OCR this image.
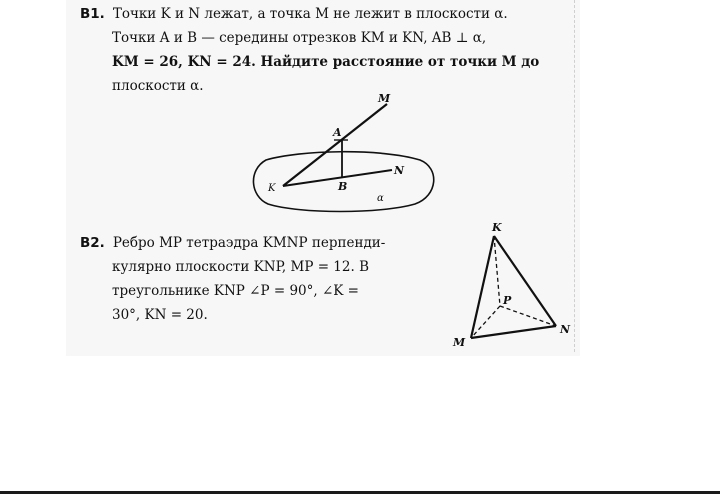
B1. Точки K и N лежат, а точка M не лежит в плоскости α.
Точки A и B — середины отрезков KM и KN, AB ⊥ α,
KM = 26, KN = 24. Найдите расстояние от точки M до
плоскости α.
B2. Ребро MP тетраэдра KMNP перпенди-
кулярно плоскости KNP, MP = 12. В
треугольнике KNP ∠P = 90°, ∠K =
30°, KN = 20.
M
A
K	B
N
α
K
P
M
N
